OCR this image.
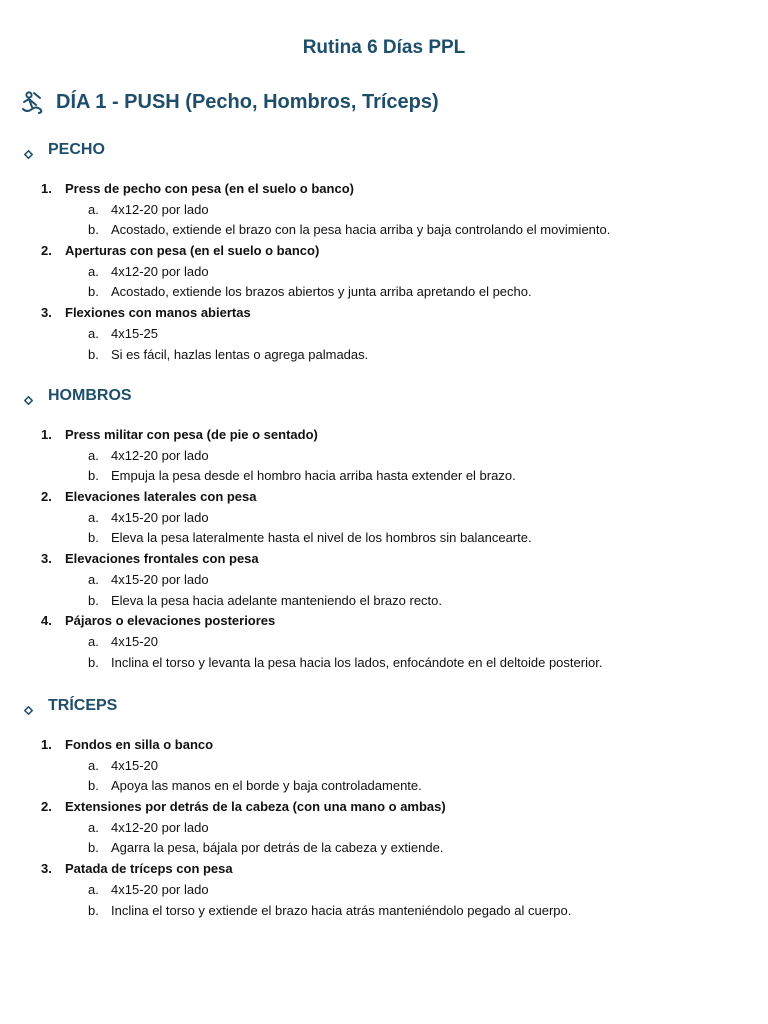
Rutina 6 Días PPL
DÍA 1 - PUSH (Pecho, Hombros, Tríceps)
PECHO
1. Press de pecho con pesa (en el suelo o banco)
a. 4x12-20 por lado
b. Acostado, extiende el brazo con la pesa hacia arriba y baja controlando el movimiento.
2. Aperturas con pesa (en el suelo o banco)
a. 4x12-20 por lado
b. Acostado, extiende los brazos abiertos y junta arriba apretando el pecho.
3. Flexiones con manos abiertas
a. 4x15-25
b. Si es fácil, hazlas lentas o agrega palmadas.
HOMBROS
1. Press militar con pesa (de pie o sentado)
a. 4x12-20 por lado
b. Empuja la pesa desde el hombro hacia arriba hasta extender el brazo.
2. Elevaciones laterales con pesa
a. 4x15-20 por lado
b. Eleva la pesa lateralmente hasta el nivel de los hombros sin balancearte.
3. Elevaciones frontales con pesa
a. 4x15-20 por lado
b. Eleva la pesa hacia adelante manteniendo el brazo recto.
4. Pájaros o elevaciones posteriores
a. 4x15-20
b. Inclina el torso y levanta la pesa hacia los lados, enfocándote en el deltoide posterior.
TRÍCEPS
1. Fondos en silla o banco
a. 4x15-20
b. Apoya las manos en el borde y baja controladamente.
2. Extensiones por detrás de la cabeza (con una mano o ambas)
a. 4x12-20 por lado
b. Agarra la pesa, bájala por detrás de la cabeza y extiende.
3. Patada de tríceps con pesa
a. 4x15-20 por lado
b. Inclina el torso y extiende el brazo hacia atrás manteniéndolo pegado al cuerpo.
